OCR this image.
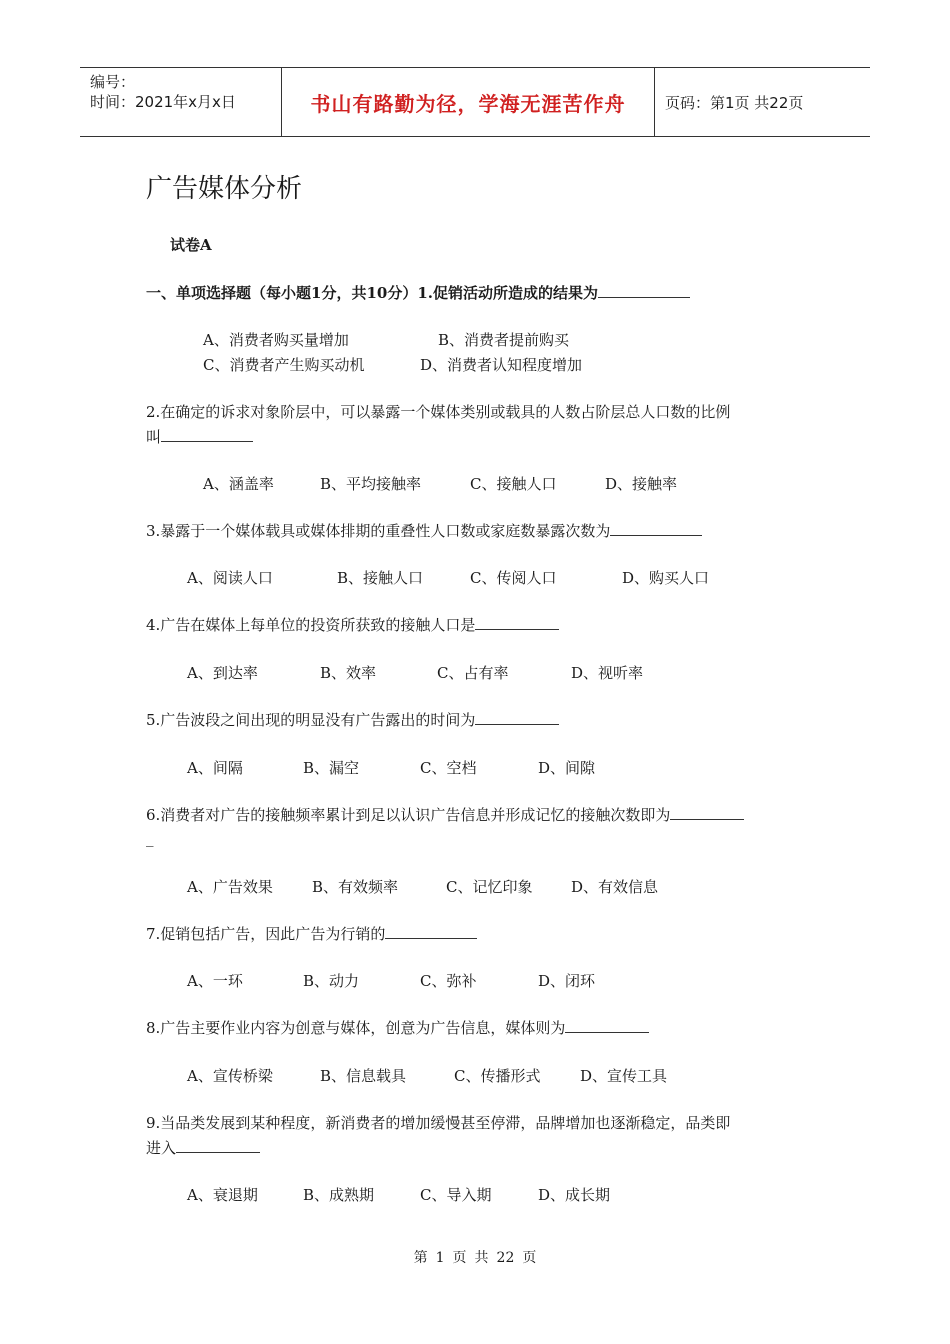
编号：
时间：2021年x月x日	书山有路勤为径，学海无涯苦作舟	页码：第1页 共22页
广告媒体分析
试卷A
一、单项选择题（每小题1分，共10分）1.促销活动所造成的结果为
A、消费者购买量增加	B、消费者提前购买
C、消费者产生购买动机	D、消费者认知程度增加
2.在确定的诉求对象阶层中，可以暴露一个媒体类别或载具的人数占阶层总人口数的比例
叫
A、涵盖率	B、平均接触率	C、接触人口	D、接触率
3.暴露于一个媒体载具或媒体排期的重叠性人口数或家庭数暴露次数为
A、阅读人口	B、接触人口	C、传阅人口	D、购买人口
4.广告在媒体上每单位的投资所获致的接触人口是
A、到达率	B、效率	C、占有率	D、视听率
5.广告波段之间出现的明显没有广告露出的时间为
A、间隔	B、漏空	C、空档	D、间隙
6.消费者对广告的接触频率累计到足以认识广告信息并形成记忆的接触次数即为
_
A、广告效果	B、有效频率	C、记忆印象	D、有效信息
7.促销包括广告，因此广告为行销的
A、一环	B、动力	C、弥补	D、闭环
8.广告主要作业内容为创意与媒体，创意为广告信息，媒体则为
A、宣传桥梁	B、信息载具	C、传播形式	D、宣传工具
9.当品类发展到某种程度，新消费者的增加缓慢甚至停滞，品牌增加也逐渐稳定，品类即
进入
A、衰退期	B、成熟期	C、导入期	D、成长期
第 1 页 共 22 页
